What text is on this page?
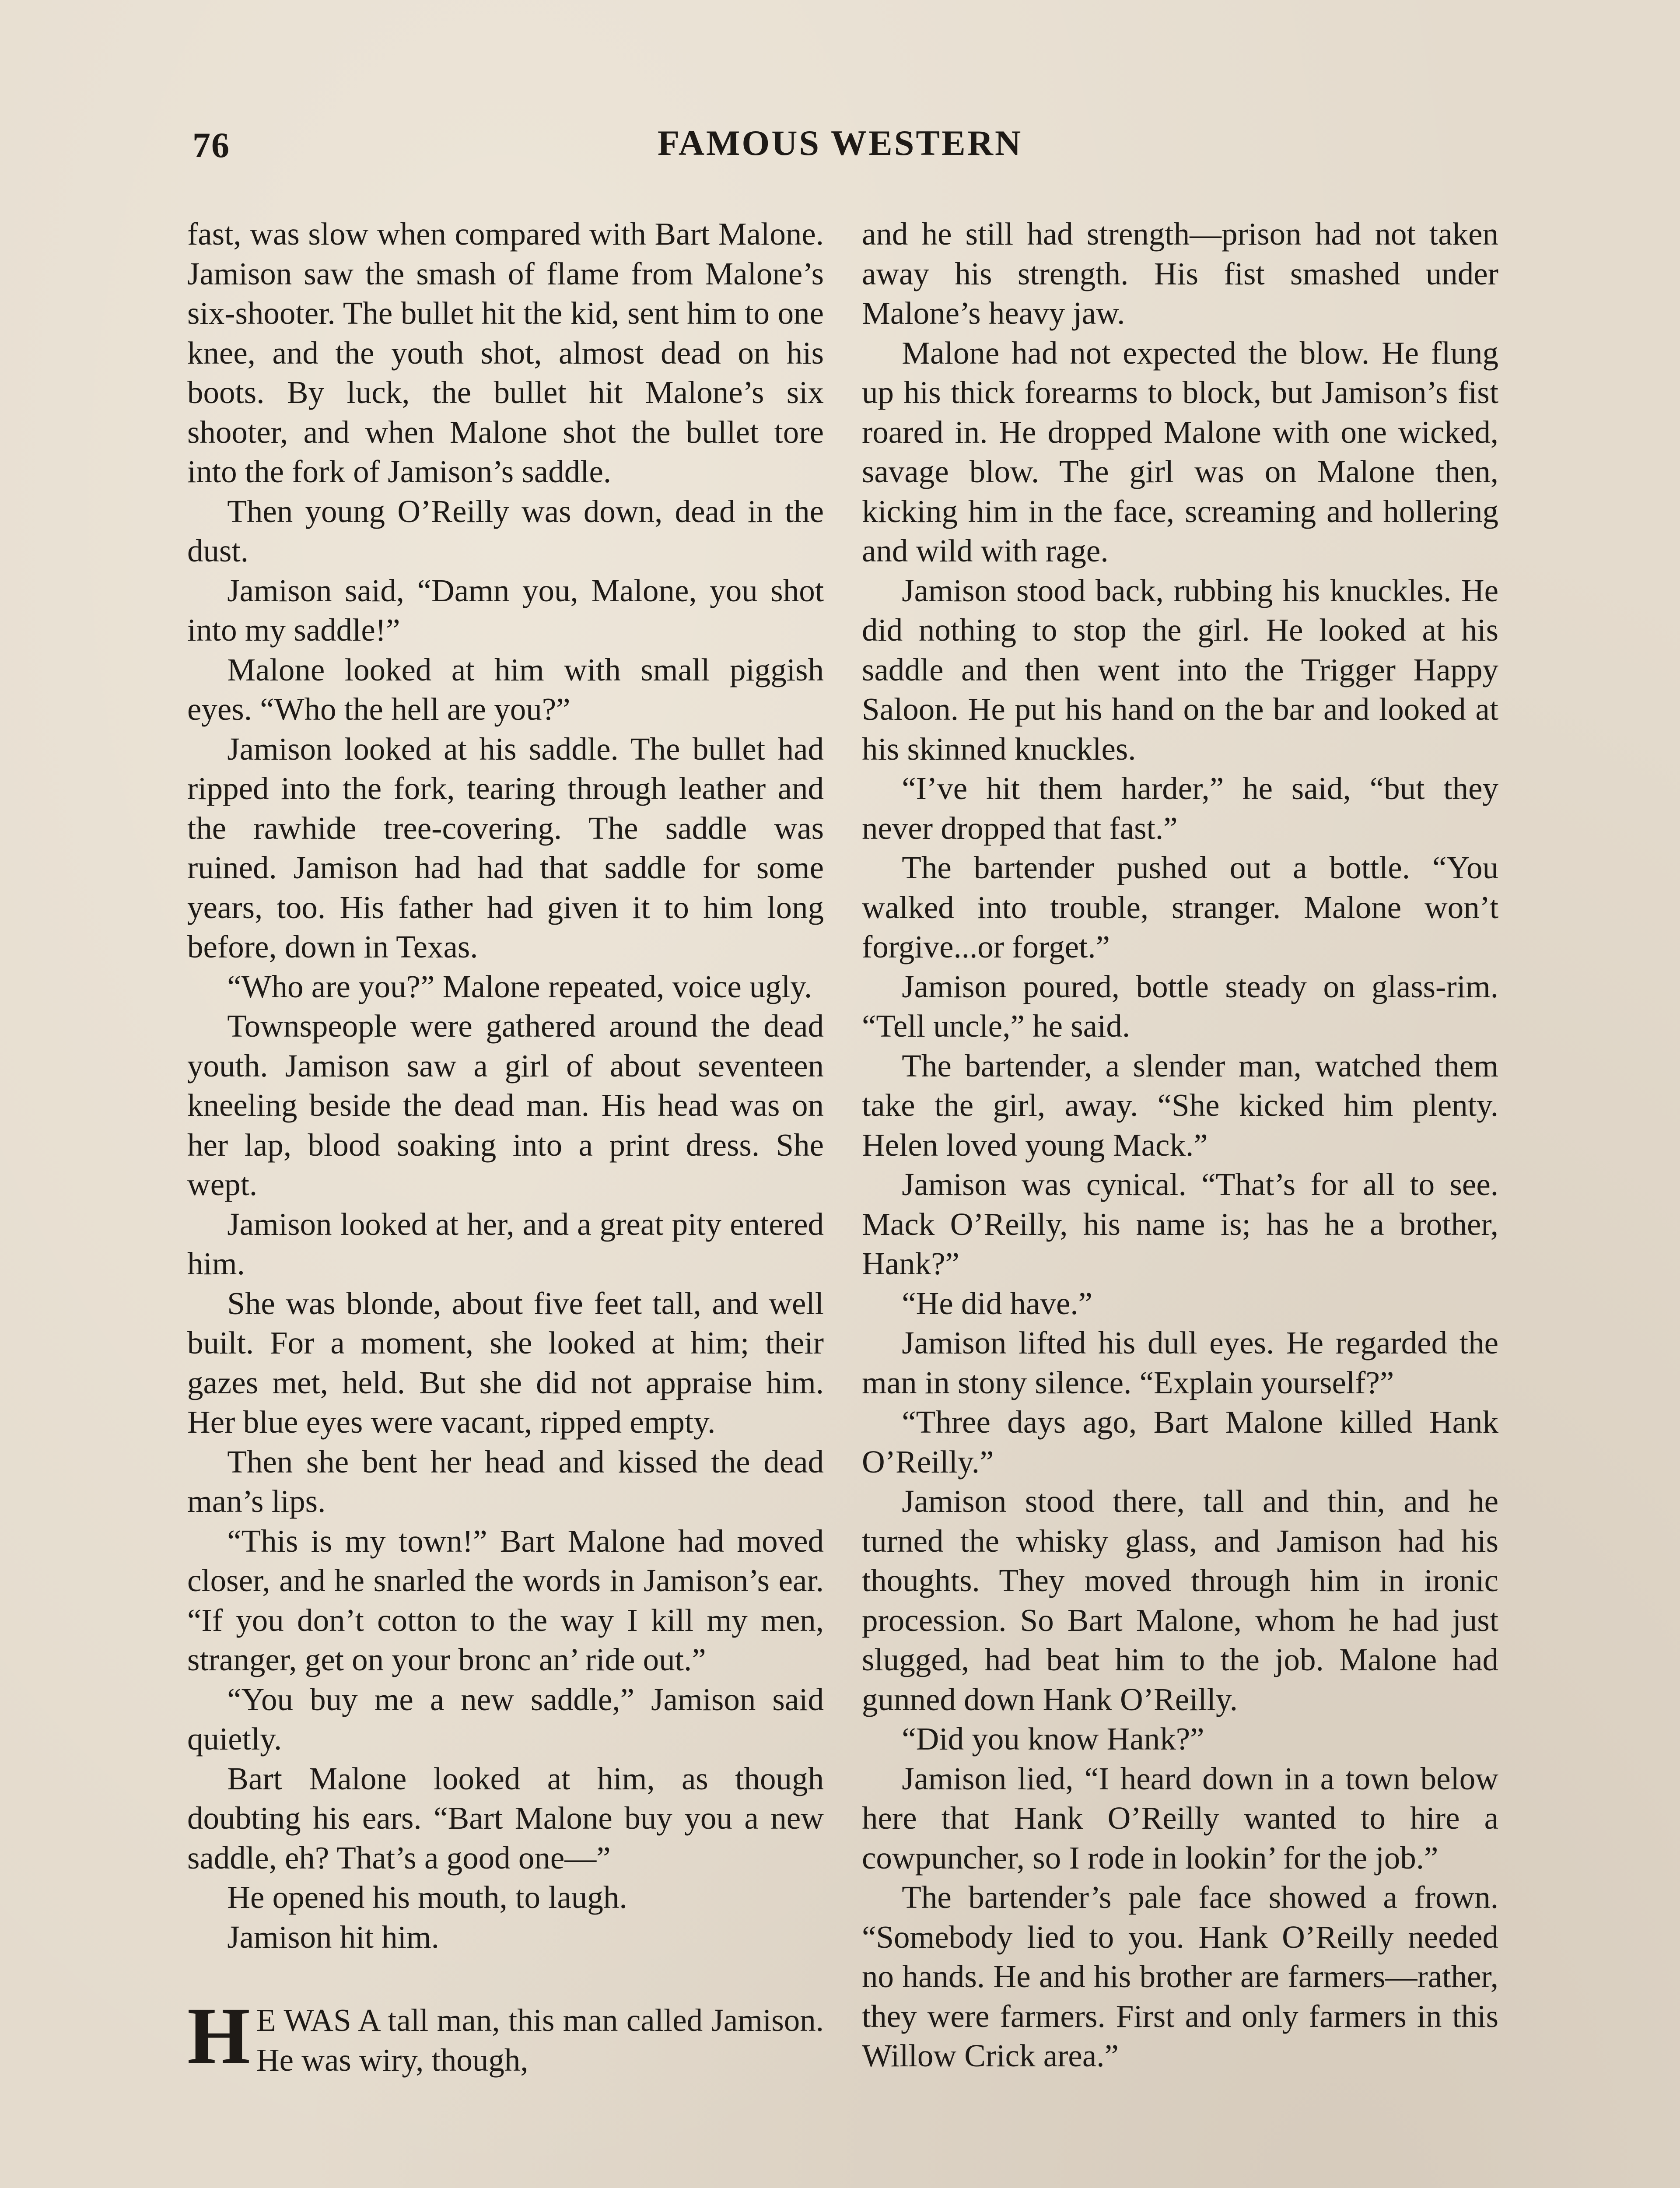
76	FAMOUS WESTERN

fast, was slow when compared with Bart Malone. Jamison saw the smash of flame from Malone’s six-shooter. The bullet hit the kid, sent him to one knee, and the youth shot, almost dead on his boots. By luck, the bullet hit Malone’s six shooter, and when Malone shot the bullet tore into the fork of Jamison’s saddle.

Then young O’Reilly was down, dead in the dust.

Jamison said, “Damn you, Malone, you shot into my saddle!”

Malone looked at him with small piggish eyes. “Who the hell are you?”

Jamison looked at his saddle. The bullet had ripped into the fork, tearing through leather and the rawhide tree-covering. The saddle was ruined. Jamison had had that saddle for some years, too. His father had given it to him long before, down in Texas.

“Who are you?” Malone repeated, voice ugly.

Townspeople were gathered around the dead youth. Jamison saw a girl of about seventeen kneeling beside the dead man. His head was on her lap, blood soaking into a print dress. She wept.

Jamison looked at her, and a great pity entered him.

She was blonde, about five feet tall, and well built. For a moment, she looked at him; their gazes met, held. But she did not appraise him. Her blue eyes were vacant, ripped empty.

Then she bent her head and kissed the dead man’s lips.

“This is my town!” Bart Malone had moved closer, and he snarled the words in Jamison’s ear. “If you don’t cotton to the way I kill my men, stranger, get on your bronc an’ ride out.”

“You buy me a new saddle,” Jamison said quietly.

Bart Malone looked at him, as though doubting his ears. “Bart Malone buy you a new saddle, eh? That’s a good one—”

He opened his mouth, to laugh.

Jamison hit him.

H E WAS A tall man, this man called Jamison. He was wiry, though,

and he still had strength—prison had not taken away his strength. His fist smashed under Malone’s heavy jaw.

Malone had not expected the blow. He flung up his thick forearms to block, but Jamison’s fist roared in. He dropped Malone with one wicked, savage blow. The girl was on Malone then, kicking him in the face, screaming and hollering and wild with rage.

Jamison stood back, rubbing his knuckles. He did nothing to stop the girl. He looked at his saddle and then went into the Trigger Happy Saloon. He put his hand on the bar and looked at his skinned knuckles.

“I’ve hit them harder,” he said, “but they never dropped that fast.”

The bartender pushed out a bottle. “You walked into trouble, stranger. Malone won’t forgive...or forget.”

Jamison poured, bottle steady on glass-rim. “Tell uncle,” he said.

The bartender, a slender man, watched them take the girl, away. “She kicked him plenty. Helen loved young Mack.”

Jamison was cynical. “That’s for all to see. Mack O’Reilly, his name is; has he a brother, Hank?”

“He did have.”

Jamison lifted his dull eyes. He regarded the man in stony silence. “Explain yourself?”

“Three days ago, Bart Malone killed Hank O’Reilly.”

Jamison stood there, tall and thin, and he turned the whisky glass, and Jamison had his thoughts. They moved through him in ironic procession. So Bart Malone, whom he had just slugged, had beat him to the job. Malone had gunned down Hank O’Reilly.

“Did you know Hank?”

Jamison lied, “I heard down in a town below here that Hank O’Reilly wanted to hire a cowpuncher, so I rode in lookin’ for the job.”

The bartender’s pale face showed a frown. “Somebody lied to you. Hank O’Reilly needed no hands. He and his brother are farmers—rather, they were farmers. First and only farmers in this Willow Crick area.”
